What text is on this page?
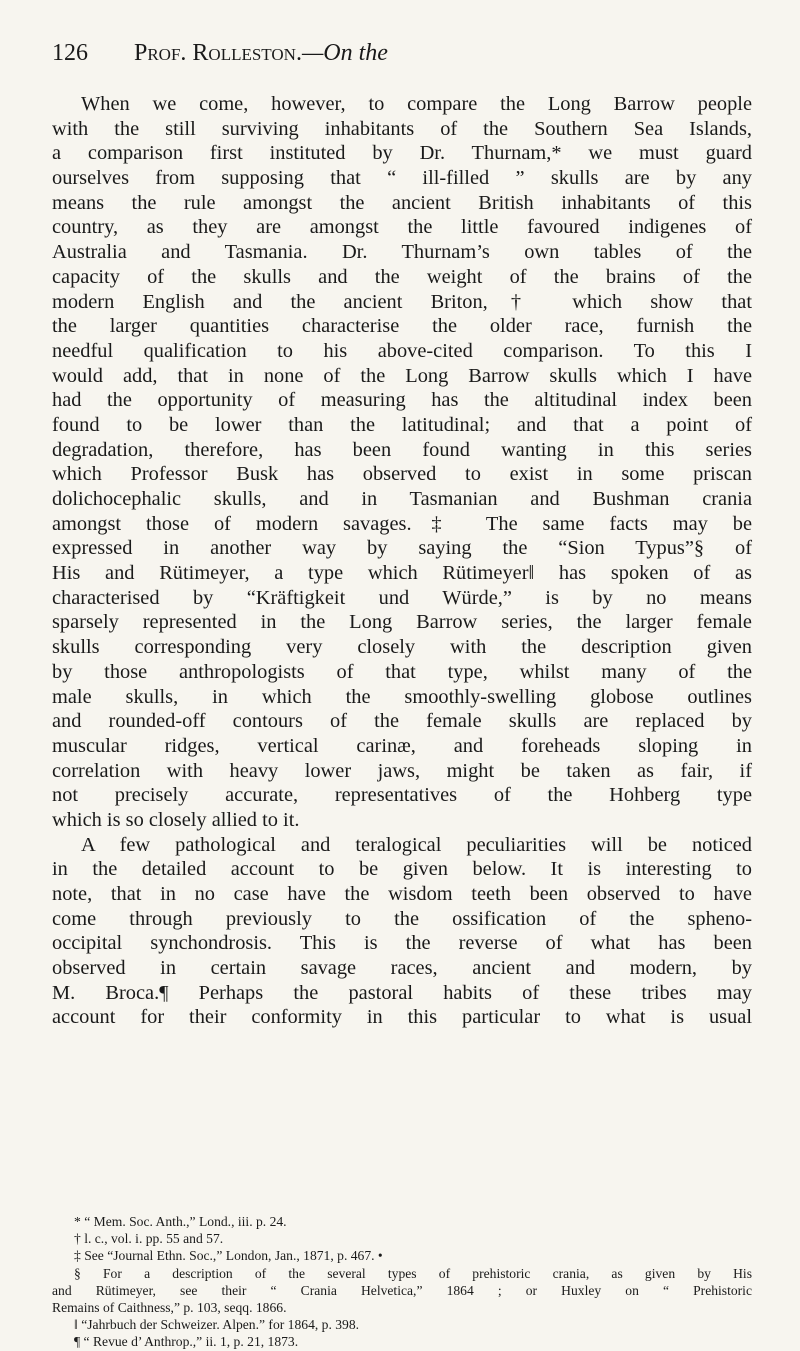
126 Prof. Rolleston.—On the
When we come, however, to compare the Long Barrow people
with the still surviving inhabitants of the Southern Sea Islands,
a comparison first instituted by Dr. Thurnam,* we must guard
ourselves from supposing that “ ill-filled ” skulls are by any
means the rule amongst the ancient British inhabitants of this
country, as they are amongst the little favoured indigenes of
Australia and Tasmania. Dr. Thurnam’s own tables of the
capacity of the skulls and the weight of the brains of the
modern English and the ancient Briton,† which show that
the larger quantities characterise the older race, furnish the
needful qualification to his above-cited comparison. To this I
would add, that in none of the Long Barrow skulls which I have
had the opportunity of measuring has the altitudinal index been
found to be lower than the latitudinal; and that a point of
degradation, therefore, has been found wanting in this series
which Professor Busk has observed to exist in some priscan
dolichocephalic skulls, and in Tasmanian and Bushman crania
amongst those of modern savages.‡ The same facts may be
expressed in another way by saying the “Sion Typus”§ of
His and Rütimeyer, a type which Rütimeyer‖ has spoken of as
characterised by “Kräftigkeit und Würde,” is by no means
sparsely represented in the Long Barrow series, the larger female
skulls corresponding very closely with the description given
by those anthropologists of that type, whilst many of the
male skulls, in which the smoothly-swelling globose outlines
and rounded-off contours of the female skulls are replaced by
muscular ridges, vertical carinæ, and foreheads sloping in
correlation with heavy lower jaws, might be taken as fair, if
not precisely accurate, representatives of the Hohberg type
which is so closely allied to it.
A few pathological and teralogical peculiarities will be noticed
in the detailed account to be given below. It is interesting to
note, that in no case have the wisdom teeth been observed to have
come through previously to the ossification of the spheno-
occipital synchondrosis. This is the reverse of what has been
observed in certain savage races, ancient and modern, by
M. Broca.¶ Perhaps the pastoral habits of these tribes may
account for their conformity in this particular to what is usual
* “ Mem. Soc. Anth.,” Lond., iii. p. 24.
† l. c., vol. i. pp. 55 and 57.
‡ See “Journal Ethn. Soc.,” London, Jan., 1871, p. 467. •
§ For a description of the several types of prehistoric crania, as given by His
and Rütimeyer, see their “ Crania Helvetica,” 1864 ; or Huxley on “ Prehistoric
Remains of Caithness,” p. 103, seqq. 1866.
‖ “Jahrbuch der Schweizer. Alpen.” for 1864, p. 398.
¶ “ Revue d’ Anthrop.,” ii. 1, p. 21, 1873.
